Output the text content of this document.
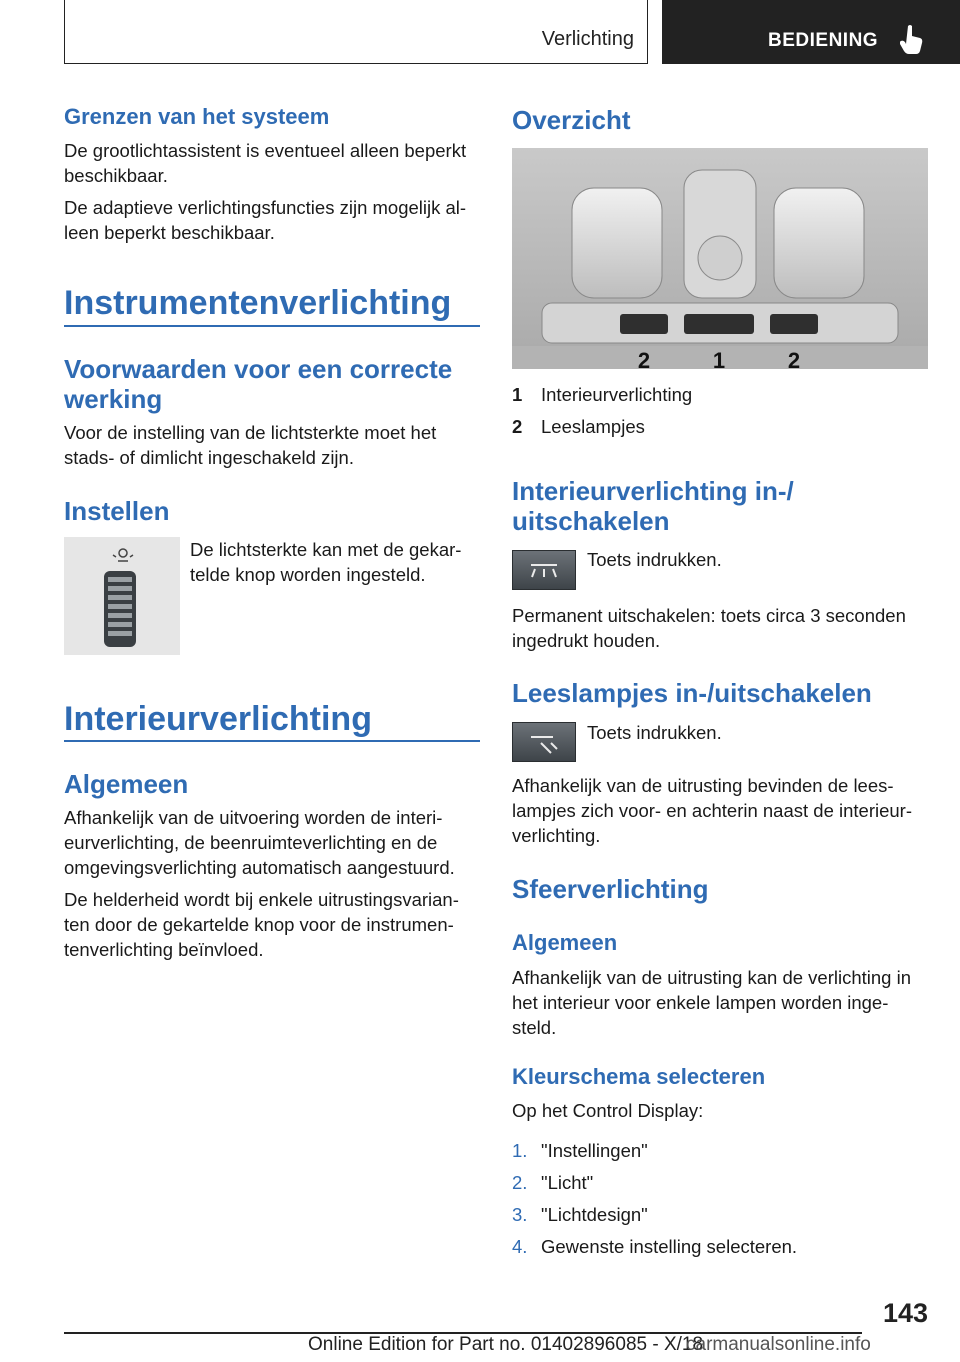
Verlichting	BEDIENING
Grenzen van het systeem
De grootlichtassistent is eventueel alleen beperkt beschikbaar.
De adaptieve verlichtingsfuncties zijn mogelijk al‐ leen beperkt beschikbaar.
Instrumentenverlichting
Voorwaarden voor een correcte werking
Voor de instelling van de lichtsterkte moet het stads- of dimlicht ingeschakeld zijn.
Instellen
De lichtsterkte kan met de gekar‐ telde knop worden ingesteld.
Interieurverlichting
Algemeen
Afhankelijk van de uitvoering worden de interi‐ eurverlichting, de beenruimteverlichting en de omgevingsverlichting automatisch aangestuurd.
De helderheid wordt bij enkele uitrustingsvarian‐ ten door de gekartelde knop voor de instrumen‐ tenverlichting beïnvloed.
Overzicht
2	1	2
1	Interieurverlichting
2	Leeslampjes
Interieurverlichting in‐/ uitschakelen
Toets indrukken.
Permanent uitschakelen: toets circa 3 seconden ingedrukt houden.
Leeslampjes in‐/uitschakelen
Toets indrukken.
Afhankelijk van de uitrusting bevinden de lees‐ lampjes zich voor- en achterin naast de interieur‐ verlichting.
Sfeerverlichting
Algemeen
Afhankelijk van de uitrusting kan de verlichting in het interieur voor enkele lampen worden inge‐ steld.
Kleurschema selecteren
Op het Control Display:
1. "Instellingen"
2. "Licht"
3. "Lichtdesign"
4. Gewenste instelling selecteren.
143
Online Edition for Part no. 01402896085 - X/18
carmanualsonline.info
